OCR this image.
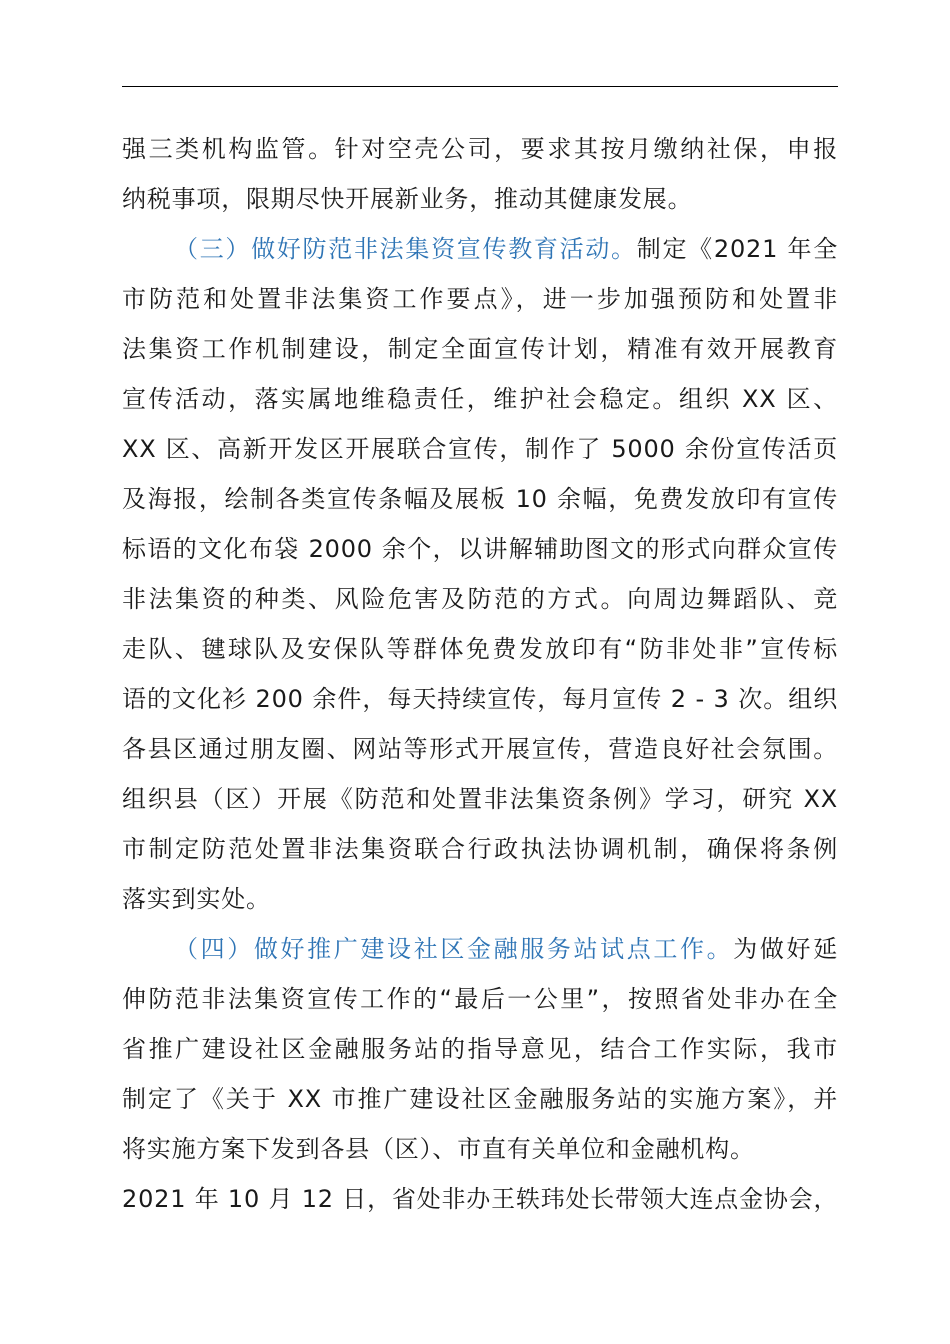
强三类机构监管。针对空壳公司，要求其按月缴纳社保，申报
纳税事项，限期尽快开展新业务，推动其健康发展。
（三）做好防范非法集资宣传教育活动。制定《2021 年全
市防范和处置非法集资工作要点》，进一步加强预防和处置非
法集资工作机制建设，制定全面宣传计划，精准有效开展教育
宣传活动，落实属地维稳责任，维护社会稳定。组织 XX 区、
XX 区、高新开发区开展联合宣传，制作了 5000 余份宣传活页
及海报，绘制各类宣传条幅及展板 10 余幅，免费发放印有宣传
标语的文化布袋 2000 余个，以讲解辅助图文的形式向群众宣传
非法集资的种类、风险危害及防范的方式。向周边舞蹈队、竞
走队、毽球队及安保队等群体免费发放印有“防非处非”宣传标
语的文化衫 200 余件，每天持续宣传，每月宣传 2 - 3 次。组织
各县区通过朋友圈、网站等形式开展宣传，营造良好社会氛围。
组织县（区）开展《防范和处置非法集资条例》学习，研究 XX
市制定防范处置非法集资联合行政执法协调机制，确保将条例
落实到实处。
（四）做好推广建设社区金融服务站试点工作。为做好延
伸防范非法集资宣传工作的“最后一公里”，按照省处非办在全
省推广建设社区金融服务站的指导意见，结合工作实际，我市
制定了《关于 XX 市推广建设社区金融服务站的实施方案》，并
将实施方案下发到各县（区）、市直有关单位和金融机构。
2021 年 10 月 12 日，省处非办王轶玮处长带领大连点金协会，
